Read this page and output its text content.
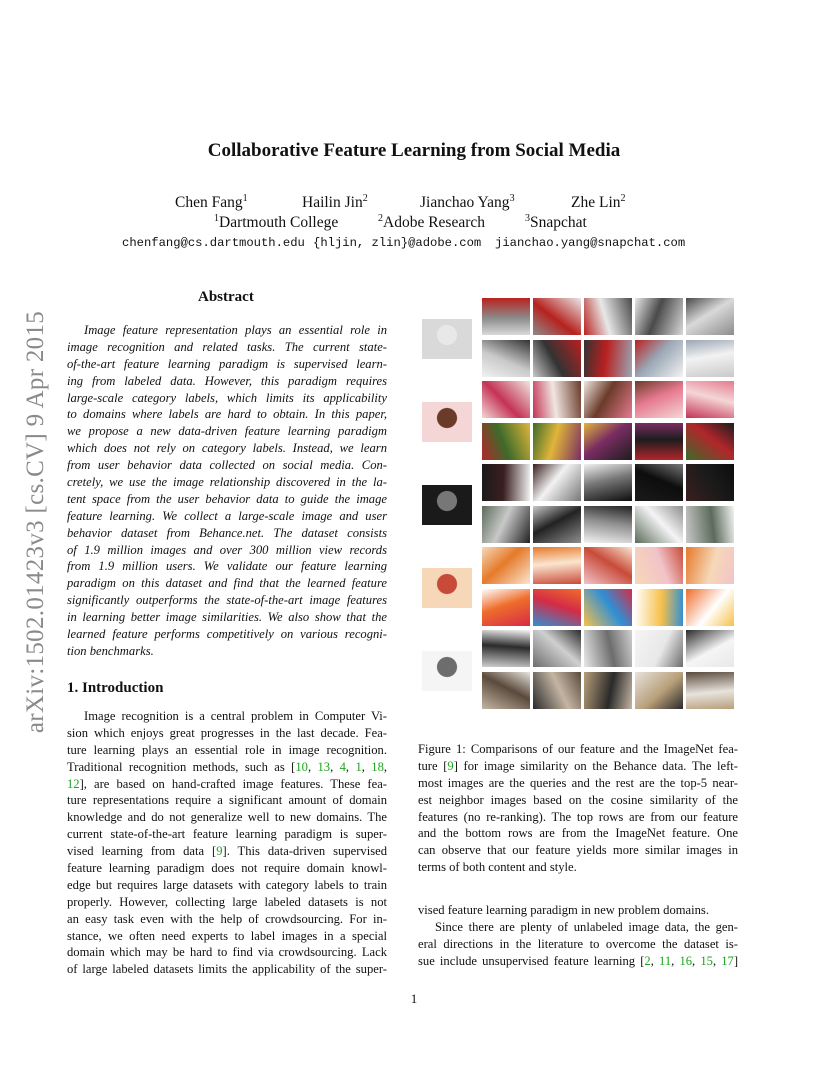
arXiv:1502.01423v3 [cs.CV] 9 Apr 2015
Collaborative Feature Learning from Social Media
Chen Fang$^1$	Hailin Jin$^2$	Jianchao Yang$^3$	Zhe Lin$^2$
$^1$Dartmouth College	$^2$Adobe Research	$^3$Snapchat
chenfang@cs.dartmouth.edu {hljin, zlin}@adobe.com jianchao.yang@snapchat.com
Abstract
Image feature representation plays an essential role in
image recognition and related tasks. The current state-
of-the-art feature learning paradigm is supervised learn-
ing from labeled data. However, this paradigm requires
large-scale category labels, which limits its applicability
to domains where labels are hard to obtain. In this paper,
we propose a new data-driven feature learning paradigm
which does not rely on category labels. Instead, we learn
from user behavior data collected on social media. Con-
cretely, we use the image relationship discovered in the la-
tent space from the user behavior data to guide the image
feature learning. We collect a large-scale image and user
behavior dataset from Behance.net. The dataset consists
of 1.9 million images and over 300 million view records
from 1.9 million users. We validate our feature learning
paradigm on this dataset and find that the learned feature
significantly outperforms the state-of-the-art image features
in learning better image similarities. We also show that the
learned feature performs competitively on various recogni-
tion benchmarks.
1. Introduction
Image recognition is a central problem in Computer Vi-
sion which enjoys great progresses in the last decade. Fea-
ture learning plays an essential role in image recognition.
Traditional recognition methods, such as [10, 13, 4, 1, 18,
12], are based on hand-crafted image features. These fea-
ture representations require a significant amount of domain
knowledge and do not generalize well to new domains. The
current state-of-the-art feature learning paradigm is super-
vised learning from data [9]. This data-driven supervised
feature learning paradigm does not require domain knowl-
edge but requires large datasets with category labels to train
properly. However, collecting large labeled datasets is not
an easy task even with the help of crowdsourcing. For in-
stance, we often need experts to label images in a special
domain which may be hard to find via crowdsourcing. Lack
of large labeled datasets limits the applicability of the super-
Figure 1: Comparisons of our feature and the ImageNet fea-
ture [9] for image similarity on the Behance data. The left-
most images are the queries and the rest are the top-5 near-
est neighbor images based on the cosine similarity of the
features (no re-ranking). The top rows are from our feature
and the bottom rows are from the ImageNet feature. One
can observe that our feature yields more similar images in
terms of both content and style.
vised feature learning paradigm in new problem domains.
Since there are plenty of unlabeled image data, the gen-
eral directions in the literature to overcome the dataset is-
sue include unsupervised feature learning [2, 11, 16, 15, 17]
1
